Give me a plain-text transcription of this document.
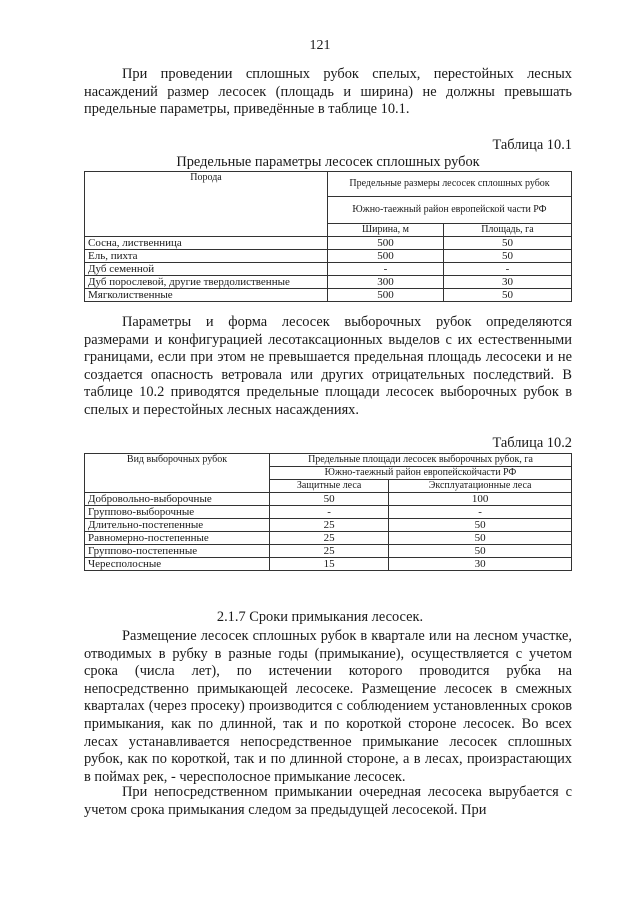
121

При проведении сплошных рубок спелых, перестойных лесных насаждений размер лесосек (площадь и ширина) не должны превышать предельные параметры, приведённые в таблице 10.1.

Таблица 10.1
Предельные параметры лесосек сплошных рубок
Порода	Предельные размеры лесосек сплошных рубок	
	Южно-таежный район европейской части РФ	
	Ширина, м	Площадь, га
Сосна, лиственница	500	50
Ель, пихта	500	50
Дуб семенной	-	-
Дуб порослевой, другие твердолиственные	300	30
Мягколиственные	500	50

Параметры и форма лесосек выборочных рубок определяются размерами и конфигурацией лесотаксационных выделов с их естественными границами, если при этом не превышается предельная площадь лесосеки и не создается опасность ветровала или других отрицательных последствий. В таблице 10.2 приводятся предельные площади лесосек выборочных рубок в спелых и перестойных лесных насаждениях.

Таблица 10.2
Вид выборочных рубок	Предельные площади лесосек выборочных рубок, га	
	Южно-таежный район европейскойчасти РФ	
	Защитные леса	Эксплуатационные леса
Добровольно-выборочные	50	100
Группово-выборочные	-	-
Длительно-постепенные	25	50
Равномерно-постепенные	25	50
Группово-постепенные	25	50
Чересполосные	15	30
2.1.7 Сроки примыкания лесосек.

Размещение лесосек сплошных рубок в квартале или на лесном участке, отводимых в рубку в разные годы (примыкание), осуществляется с учетом срока (числа лет), по истечении которого проводится рубка на непосредственно примыкающей лесосеке. Размещение лесосек в смежных кварталах (через просеку) производится с соблюдением установленных сроков примыкания, как по длинной, так и по короткой стороне лесосек. Во всех лесах устанавливается непосредственное примыкание лесосек сплошных рубок, как по короткой, так и по длинной стороне, а в лесах, произрастающих в поймах рек, - чересполосное примыкание лесосек.

При непосредственном примыкании очередная лесосека вырубается с учетом срока примыкания следом за предыдущей лесосекой. При
